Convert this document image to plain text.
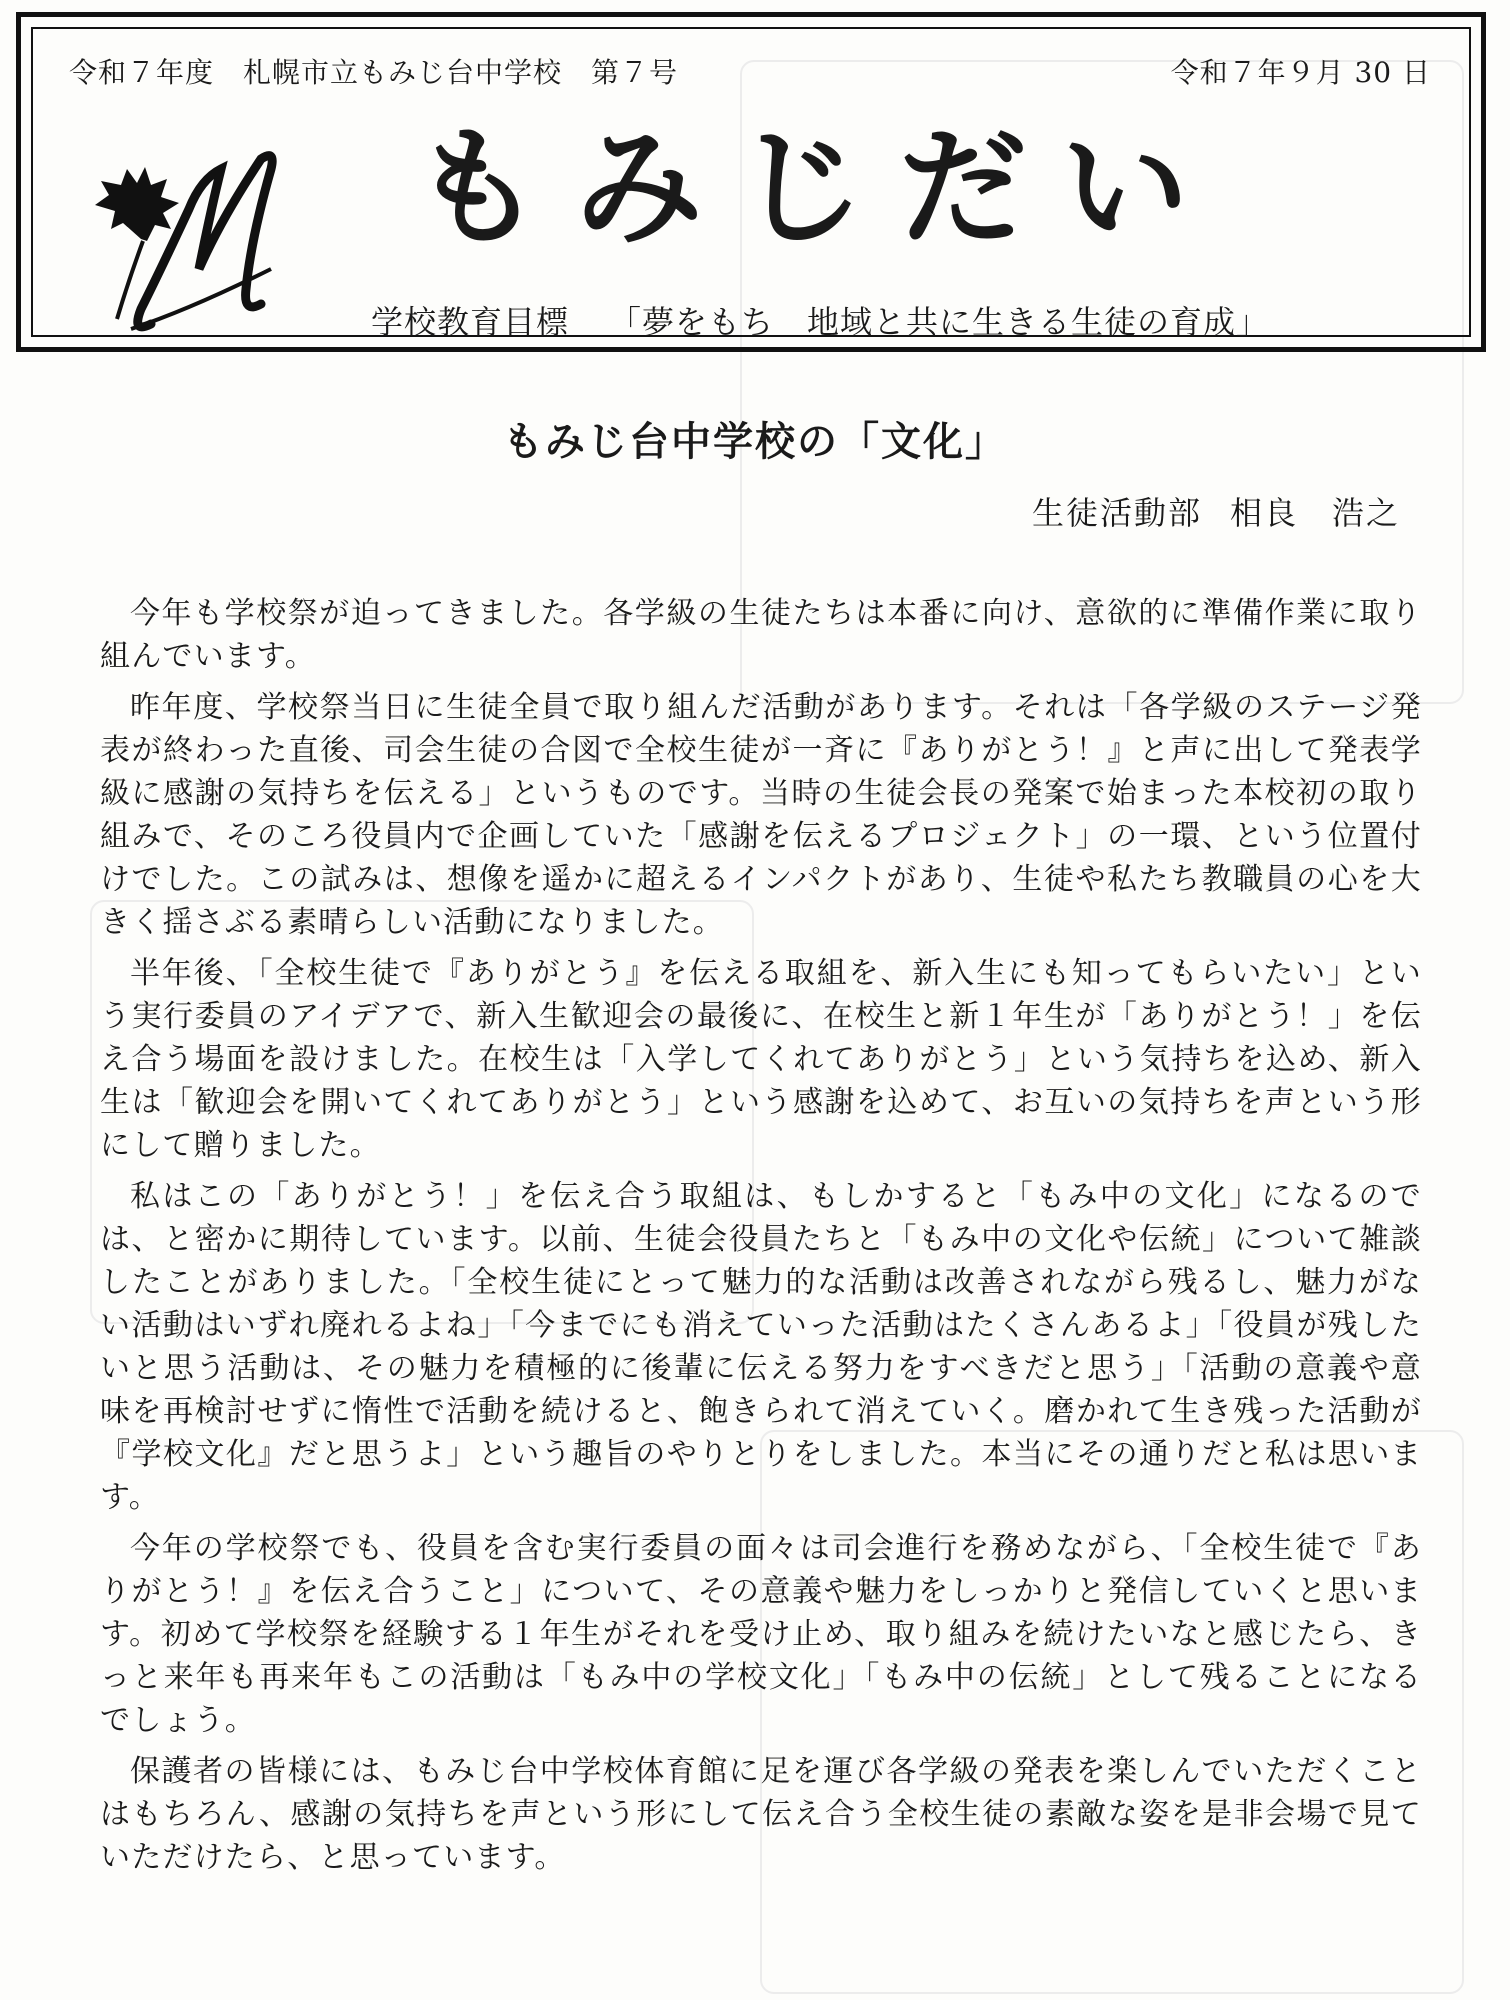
令和７年度　札幌市立もみじ台中学校　第７号	令和７年９月 30 日
M
もみじだい
学校教育目標 「夢をもち　地域と共に生きる生徒の育成」
もみじ台中学校の「文化」
生徒活動部 相良　浩之

今年も学校祭が迫ってきました。各学級の生徒たちは本番に向け、意欲的に準備作業に取り組んでいます。

昨年度、学校祭当日に生徒全員で取り組んだ活動があります。それは「各学級のステージ発表が終わった直後、司会生徒の合図で全校生徒が一斉に『ありがとう！』と声に出して発表学級に感謝の気持ちを伝える」というものです。当時の生徒会長の発案で始まった本校初の取り組みで、そのころ役員内で企画していた「感謝を伝えるプロジェクト」の一環、という位置付けでした。この試みは、想像を遥かに超えるインパクトがあり、生徒や私たち教職員の心を大きく揺さぶる素晴らしい活動になりました。

半年後、「全校生徒で『ありがとう』を伝える取組を、新入生にも知ってもらいたい」という実行委員のアイデアで、新入生歓迎会の最後に、在校生と新１年生が「ありがとう！」を伝え合う場面を設けました。在校生は「入学してくれてありがとう」という気持ちを込め、新入生は「歓迎会を開いてくれてありがとう」という感謝を込めて、お互いの気持ちを声という形にして贈りました。

私はこの「ありがとう！」を伝え合う取組は、もしかすると「もみ中の文化」になるのでは、と密かに期待しています。以前、生徒会役員たちと「もみ中の文化や伝統」について雑談したことがありました。「全校生徒にとって魅力的な活動は改善されながら残るし、魅力がない活動はいずれ廃れるよね」「今までにも消えていった活動はたくさんあるよ」「役員が残したいと思う活動は、その魅力を積極的に後輩に伝える努力をすべきだと思う」「活動の意義や意味を再検討せずに惰性で活動を続けると、飽きられて消えていく。磨かれて生き残った活動が『学校文化』だと思うよ」という趣旨のやりとりをしました。本当にその通りだと私は思います。

今年の学校祭でも、役員を含む実行委員の面々は司会進行を務めながら、「全校生徒で『ありがとう！』を伝え合うこと」について、その意義や魅力をしっかりと発信していくと思います。初めて学校祭を経験する１年生がそれを受け止め、取り組みを続けたいなと感じたら、きっと来年も再来年もこの活動は「もみ中の学校文化」「もみ中の伝統」として残ることになるでしょう。

保護者の皆様には、もみじ台中学校体育館に足を運び各学級の発表を楽しんでいただくことはもちろん、感謝の気持ちを声という形にして伝え合う全校生徒の素敵な姿を是非会場で見ていただけたら、と思っています。
